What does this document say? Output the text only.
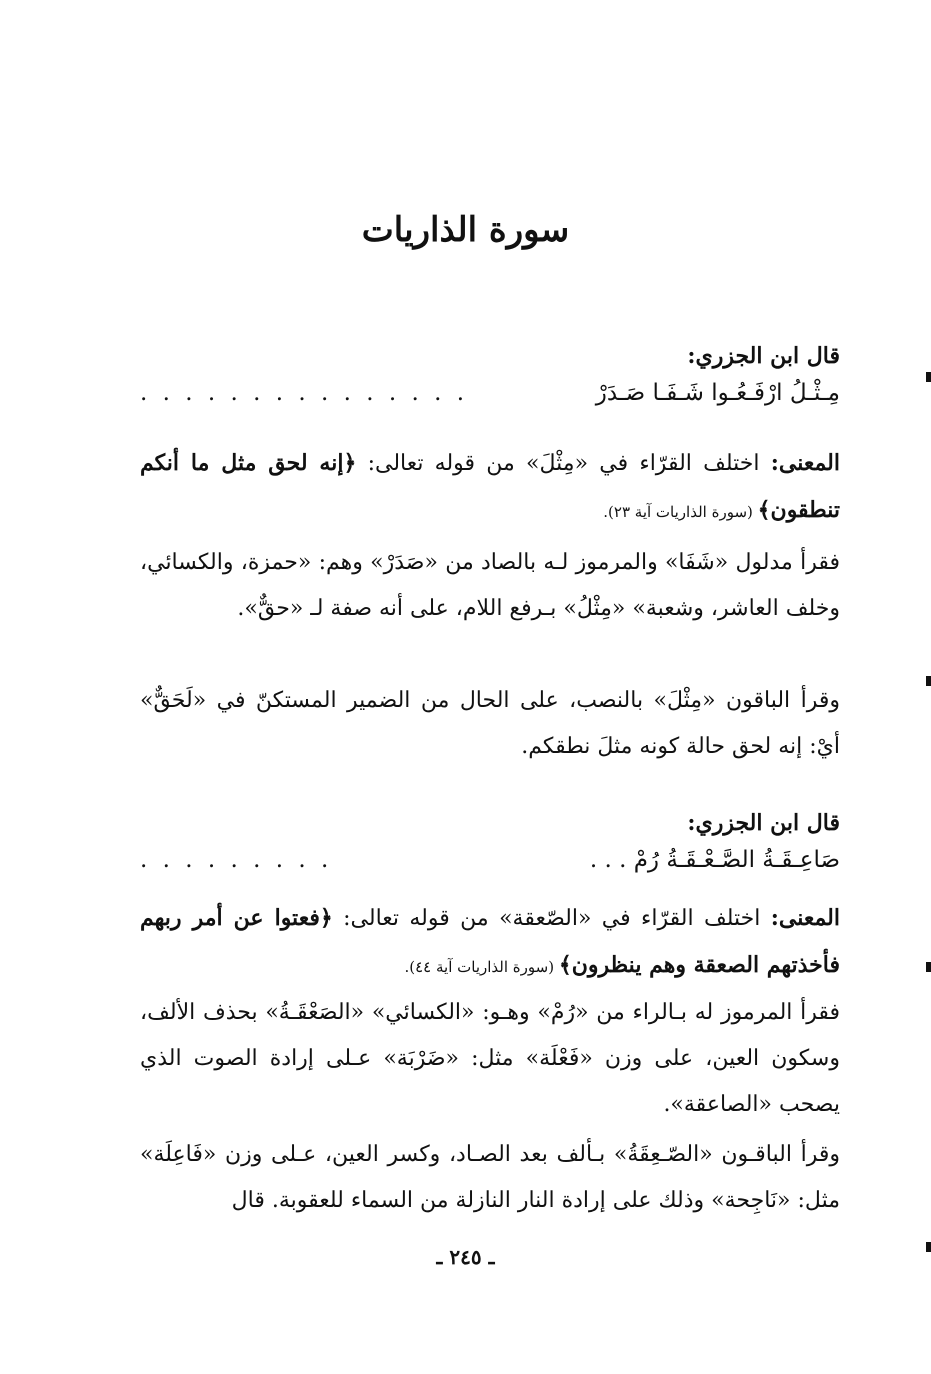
سورة الذاريات
قال ابن الجزري:
مِـثْـلُ ارْفَـعُـوا شَـفَـا صَـدَرْ
. . . . . . . . . . . . . . .
المعنى: اختلف القرّاء في «مِثْلَ» من قوله تعالى: ﴿إنه لحق مثل ما أنكم تنطقون﴾ (سورة الذاريات آية ٢٣).
فقرأ مدلول «شَفَا» والمرموز لـه بالصاد من «صَدَرْ» وهم: «حمزة، والكسائي، وخلف العاشر، وشعبة» «مِثْلُ» بـرفع اللام، على أنه صفة لـ «حقٌّ».
وقرأ الباقون «مِثْلَ» بالنصب، على الحال من الضمير المستكنّ في «لَحَقٌّ» أيْ: إنه لحق حالة كونه مثلَ نطقكم.
قال ابن الجزري:
صَاعِـقَـةُ الصَّـعْـقَـةُ رُمْ . . .
. . . . . . . . .
المعنى: اختلف القرّاء في «الصّعقة» من قوله تعالى: ﴿فعتوا عن أمر ربهم فأخذتهم الصعقة وهم ينظرون﴾ (سورة الذاريات آية ٤٤).
فقرأ المرموز له بـالراء من «رُمْ» وهـو: «الكسائي» «الصَعْقَـةُ» بحذف الألف، وسكون العين، على وزن «فَعْلَة» مثل: «ضَرْبَة» عـلى إرادة الصوت الذي يصحب «الصاعقة».
وقرأ الباقـون «الصّـعِقَةُ» بـألف بعد الصـاد، وكسر العين، عـلى وزن «فَاعِلَة» مثل: «نَاجِحة» وذلك على إرادة النار النازلة من السماء للعقوبة. قال
ـ ٢٤٥ ـ
